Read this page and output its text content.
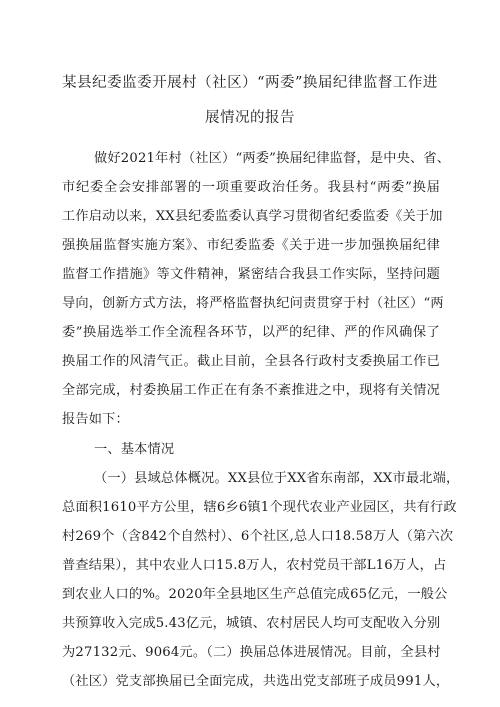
某县纪委监委开展村（社区）“两委”换届纪律监督工作进
展情况的报告
做好2021年村（社区）“两委”换届纪律监督，是中央、省、
市纪委全会安排部署的一项重要政治任务。我县村“两委”换届
工作启动以来，XX县纪委监委认真学习贯彻省纪委监委《关于加
强换届监督实施方案》、市纪委监委《关于进一步加强换届纪律
监督工作措施》等文件精神，紧密结合我县工作实际，坚持问题
导向，创新方式方法，将严格监督执纪问责贯穿于村（社区）“两
委”换届选举工作全流程各环节，以严的纪律、严的作风确保了
换届工作的风清气正。截止目前，全县各行政村支委换届工作已
全部完成，村委换届工作正在有条不紊推进之中，现将有关情况
报告如下：
一、基本情况
（一）县域总体概况。XX县位于XX省东南部，XX市最北端，
总面积1610平方公里，辖6乡6镇1个现代农业产业园区，共有行政
村269个（含842个自然村）、6个社区,总人口18.58万人（第六次
普查结果），其中农业人口15.8万人，农村党员干部L16万人，占
到农业人口的%。2020年全县地区生产总值完成65亿元，一般公
共预算收入完成5.43亿元，城镇、农村居民人均可支配收入分别
为27132元、9064元。（二）换届总体进展情况。目前，全县村
（社区）党支部换届已全面完成，共选出党支部班子成员991人，
